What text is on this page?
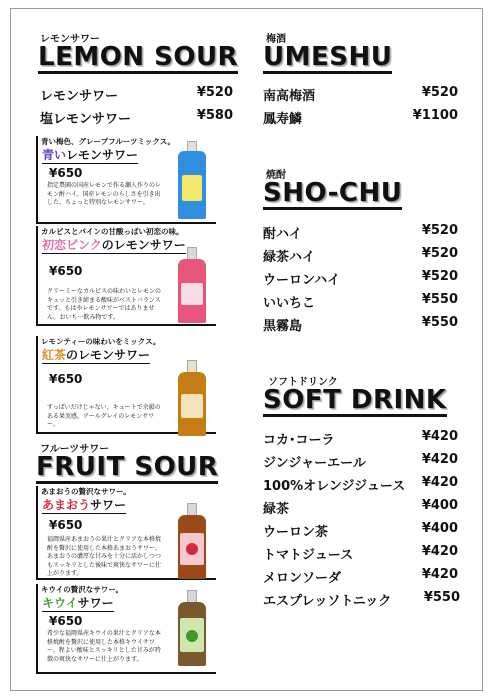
レモンサワー
LEMON SOUR
レモンサワー	¥520
塩レモンサワー	¥580
梅酒
UMESHU
南高梅酒	¥520
鳳寿鱗	¥1100
焼酎
SHO-CHU
酎ハイ	¥520
緑茶ハイ	¥520
ウーロンハイ	¥520
いいちこ	¥550
黒霧島	¥550
ソフトドリンク
SOFT DRINK
コカ･コーラ	¥420
ジンジャーエール	¥420
100%オレンジジュース ¥420
緑茶	¥400
ウーロン茶	¥400
トマトジュース	¥420
メロンソーダ	¥420
エスプレッソトニック	¥550
フルーツサワー
FRUIT SOUR
青い梅色、グレープフルーツミックス。
青いレモンサワー
¥650
指定農園の国産レモンで作る瀬人作りのレモン酎ハイ。国産レモンのらしさを引き出した、ちょっと特別なレモンサワー。
カルピスとパインの甘酸っぱい初恋の味。
初恋ピンクのレモンサワー
¥650
クリーミーなカルピスの味わいとレモンのキュッと引き締まる酸味がベストバランスです。もはやレモンサワーではありません。おいち一飲み物です。
レモンティーの味わいをミックス。
紅茶のレモンサワー
¥650
すっぱいだけじゃない、キュートで余韻のある果実感。アールグレイのレモンサワー。
あまおうの贅沢なサワー。
あまおうサワー
¥650
福岡県産あまおうの果汁とクリアな本格焼酎を贅沢に使用した本格あまおうサワー。あまおうの濃厚な甘みを十分に活かしつつもスッキリとした後味で爽快なサワーに仕上がります。
キウイの贅沢なサワー。
キウイサワー
¥650
希少な福岡県産キウイの果汁とクリアな本格焼酎を贅沢に使用した本格キウイサワー。程よい酸味とスッキリとした甘みが特徴の爽快なサワーに仕上がります。
